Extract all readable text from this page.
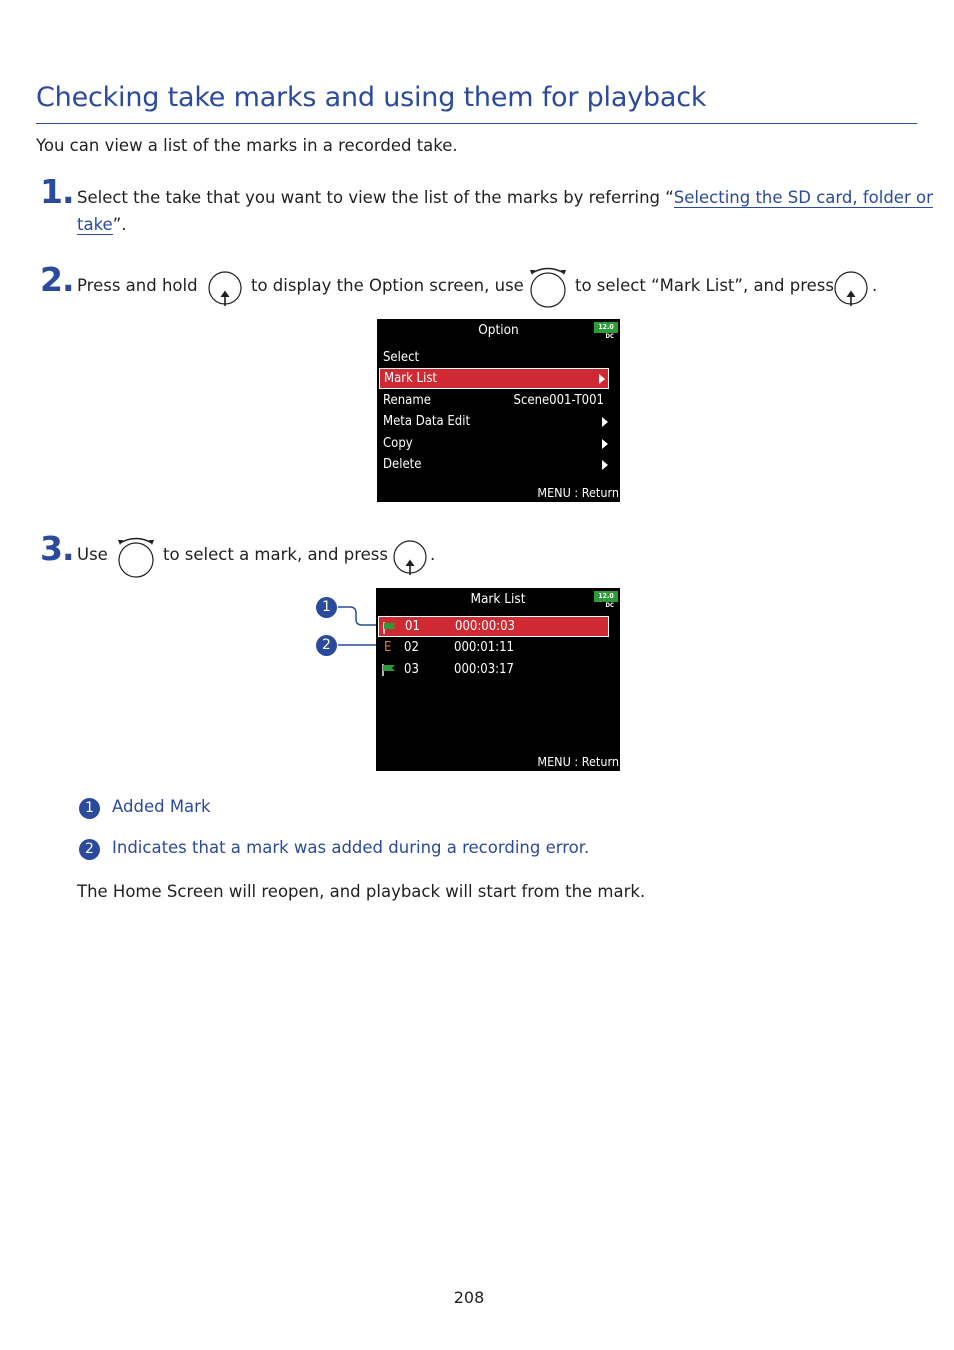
Checking take marks and using them for playback
You can view a list of the marks in a recorded take.
1. Select the take that you want to view the list of the marks by referring “Selecting the SD card, folder or
take”.
2. Press and hold	to display the Option screen, use	to select “Mark List”, and press .
Option	12.0
DC
Select
Mark List
Rename	Scene001-T001
Meta Data Edit
Copy
Delete
MENU : Return
3. Use	to select a mark, and press	.
1
2
Mark List	12.0
DC
01	000:00:03
E 02	000:01:11
03	000:03:17
MENU : Return
1	Added Mark
2	Indicates that a mark was added during a recording error.
The Home Screen will reopen, and playback will start from the mark.
208
